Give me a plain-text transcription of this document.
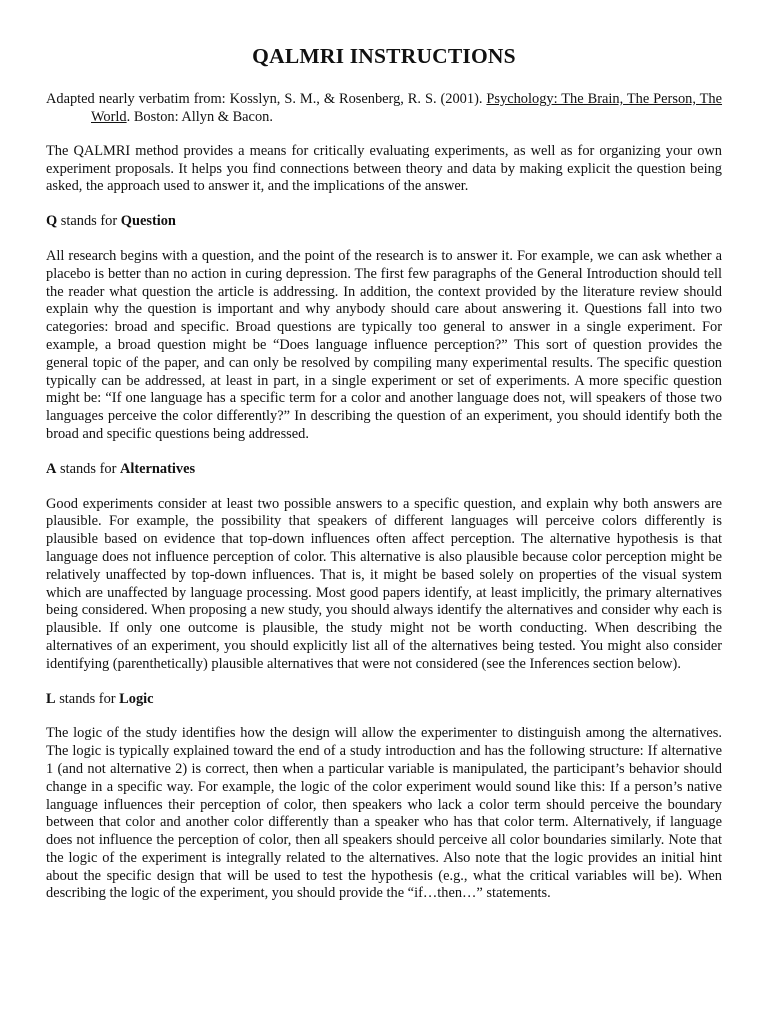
QALMRI INSTRUCTIONS
Adapted nearly verbatim from: Kosslyn, S. M., & Rosenberg, R. S. (2001). Psychology: The Brain, The Person, The World. Boston: Allyn & Bacon.

The QALMRI method provides a means for critically evaluating experiments, as well as for organizing your own experiment proposals. It helps you find connections between theory and data by making explicit the question being asked, the approach used to answer it, and the implications of the answer.

Q stands for Question

All research begins with a question, and the point of the research is to answer it. For example, we can ask whether a placebo is better than no action in curing depression. The first few paragraphs of the General Introduction should tell the reader what question the article is addressing. In addition, the context provided by the literature review should explain why the question is important and why anybody should care about answering it. Questions fall into two categories: broad and specific. Broad questions are typically too general to answer in a single experiment. For example, a broad question might be “Does language influence perception?” This sort of question provides the general topic of the paper, and can only be resolved by compiling many experimental results. The specific question typically can be addressed, at least in part, in a single experiment or set of experiments. A more specific question might be: “If one language has a specific term for a color and another language does not, will speakers of those two languages perceive the color differently?” In describing the question of an experiment, you should identify both the broad and specific questions being addressed.

A stands for Alternatives

Good experiments consider at least two possible answers to a specific question, and explain why both answers are plausible. For example, the possibility that speakers of different languages will perceive colors differently is plausible based on evidence that top-down influences often affect perception. The alternative hypothesis is that language does not influence perception of color. This alternative is also plausible because color perception might be relatively unaffected by top-down influences. That is, it might be based solely on properties of the visual system which are unaffected by language processing. Most good papers identify, at least implicitly, the primary alternatives being considered. When proposing a new study, you should always identify the alternatives and consider why each is plausible. If only one outcome is plausible, the study might not be worth conducting. When describing the alternatives of an experiment, you should explicitly list all of the alternatives being tested. You might also consider identifying (parenthetically) plausible alternatives that were not considered (see the Inferences section below).

L stands for Logic

The logic of the study identifies how the design will allow the experimenter to distinguish among the alternatives. The logic is typically explained toward the end of a study introduction and has the following structure: If alternative 1 (and not alternative 2) is correct, then when a particular variable is manipulated, the participant’s behavior should change in a specific way. For example, the logic of the color experiment would sound like this: If a person’s native language influences their perception of color, then speakers who lack a color term should perceive the boundary between that color and another color differently than a speaker who has that color term. Alternatively, if language does not influence the perception of color, then all speakers should perceive all color boundaries similarly. Note that the logic of the experiment is integrally related to the alternatives. Also note that the logic provides an initial hint about the specific design that will be used to test the hypothesis (e.g., what the critical variables will be). When describing the logic of the experiment, you should provide the “if…then…” statements.
